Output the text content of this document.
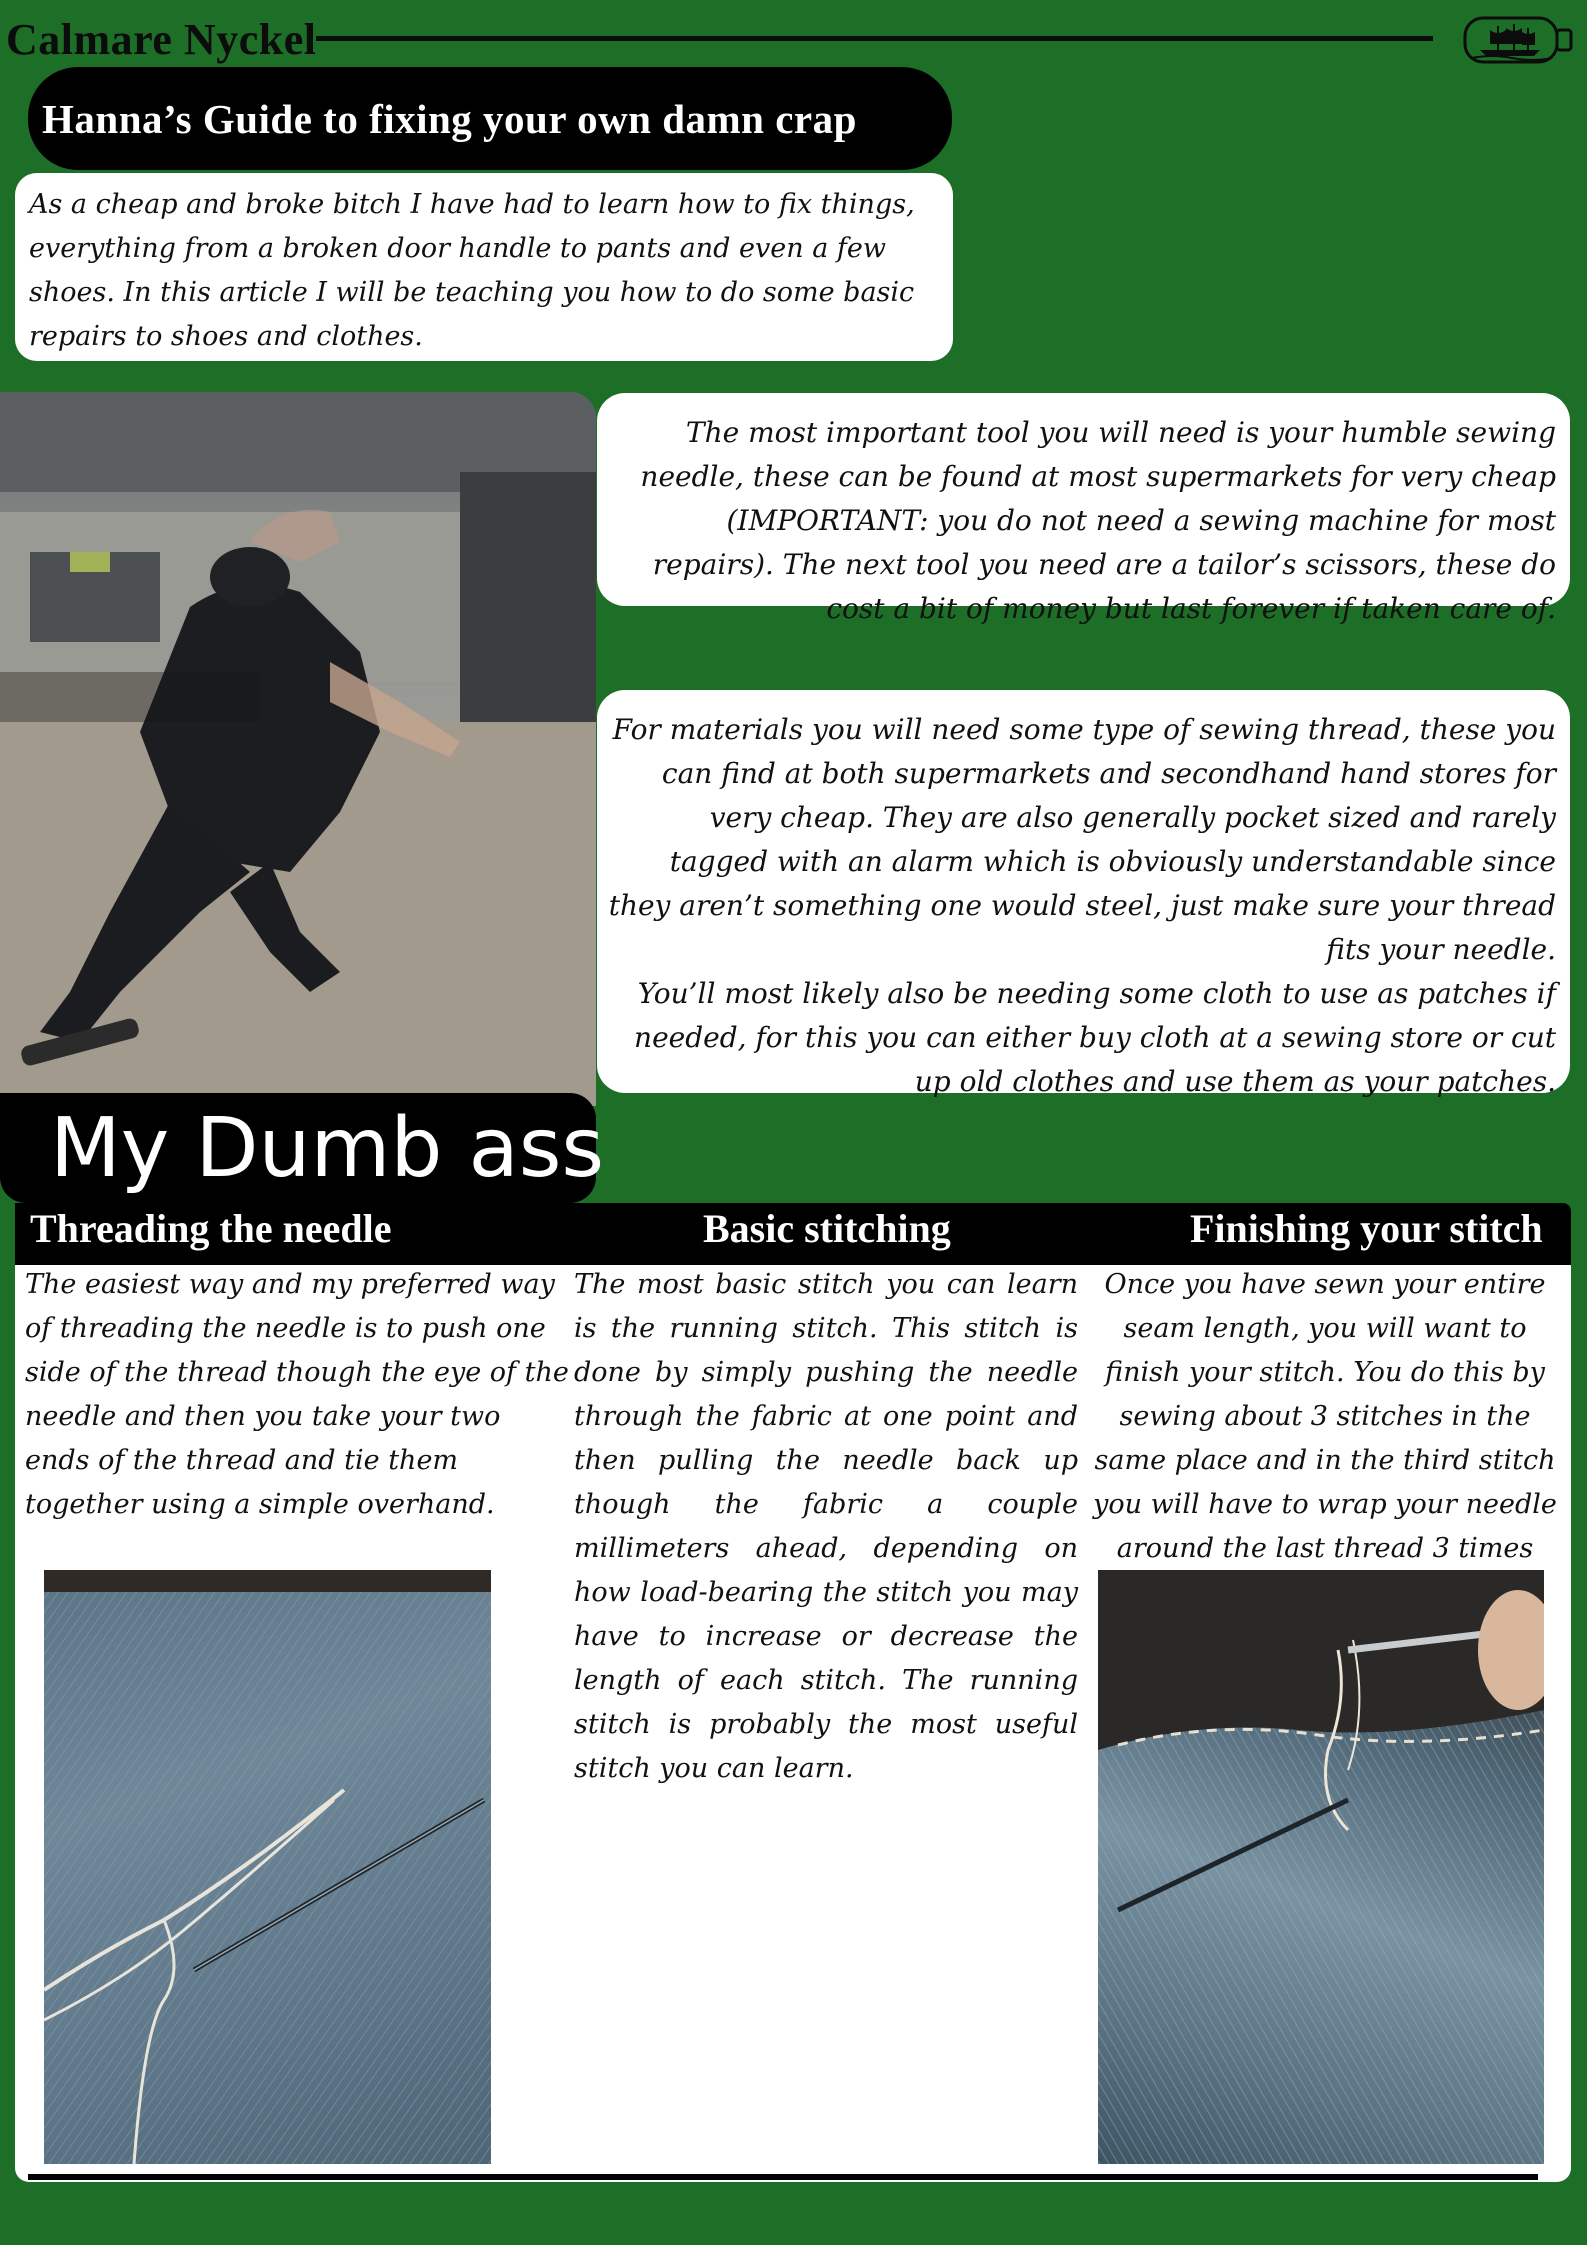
Calmare Nyckel
Hanna’s Guide to fixing your own damn crap
As a cheap and broke bitch I have had to learn how to fix things, everything from a broken door handle to pants and even a few shoes. In this article I will be teaching you how to do some basic repairs to shoes and clothes.
The most important tool you will need is your humble sewing needle, these can be found at most supermarkets for very cheap (IMPORTANT: you do not need a sewing machine for most repairs). The next tool you need are a tailor’s scissors, these do cost a bit of money but last forever if taken care of.
For materials you will need some type of sewing thread, these you can find at both supermarkets and secondhand hand stores for very cheap. They are also generally pocket sized and rarely tagged with an alarm which is obviously understandable since they aren’t something one would steel, just make sure your thread fits your needle.
You’ll most likely also be needing some cloth to use as patches if needed, for this you can either buy cloth at a sewing store or cut up old clothes and use them as your patches.
My Dumb ass
Threading the needle	Basic stitching	Finishing your stitch
The easiest way and my preferred way of threading the needle is to push one side of the thread though the eye of the needle and then you take your two ends of the thread and tie them together using a simple overhand.
The most basic stitch you can learn is the running stitch. This stitch is done by simply pushing the needle through the fabric at one point and then pulling the needle back up though the fabric a couple millimeters ahead, depending on how load-bearing the stitch you may have to increase or decrease the length of each stitch. The running stitch is probably the most useful stitch you can learn.
Once you have sewn your entire seam length, you will want to finish your stitch. You do this by sewing about 3 stitches in the same place and in the third stitch you will have to wrap your needle around the last thread 3 times
